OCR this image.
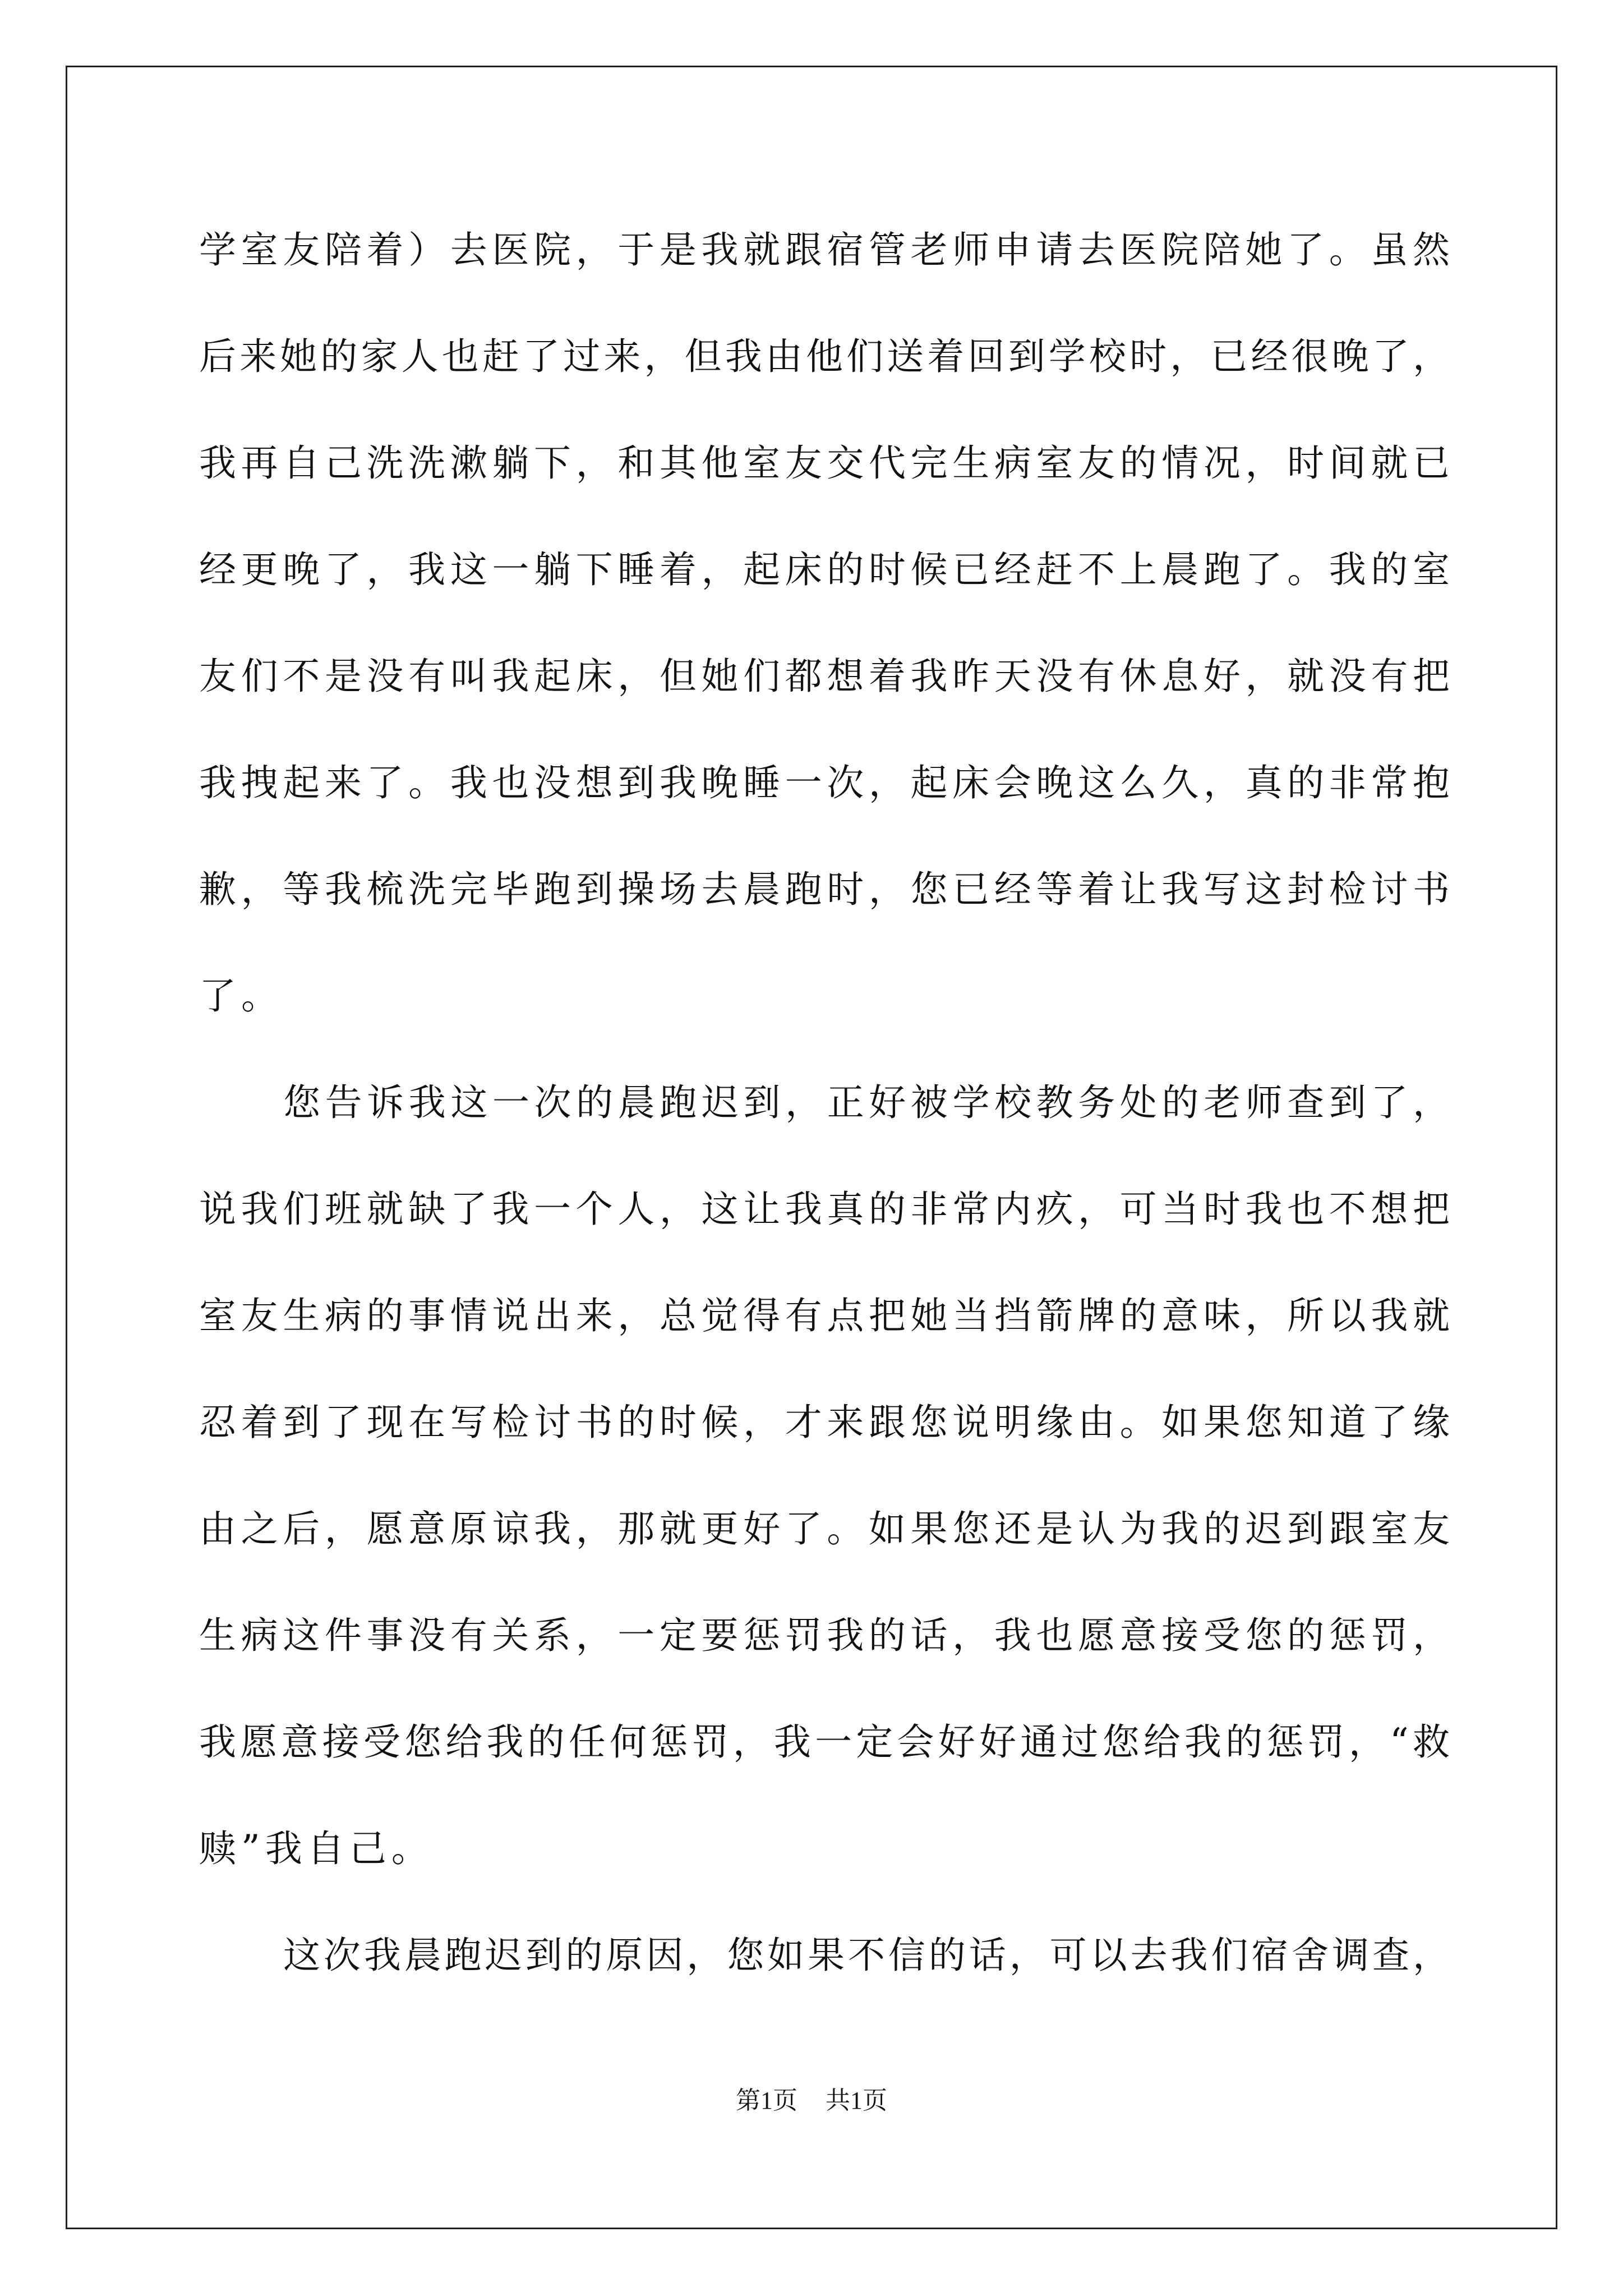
学室友陪着）去医院，于是我就跟宿管老师申请去医院陪她了。虽然
后来她的家人也赶了过来，但我由他们送着回到学校时，已经很晚了，
我再自己洗洗漱躺下，和其他室友交代完生病室友的情况，时间就已
经更晚了，我这一躺下睡着，起床的时候已经赶不上晨跑了。我的室
友们不是没有叫我起床，但她们都想着我昨天没有休息好，就没有把
我拽起来了。我也没想到我晚睡一次，起床会晚这么久，真的非常抱
歉，等我梳洗完毕跑到操场去晨跑时，您已经等着让我写这封检讨书
了。
您告诉我这一次的晨跑迟到，正好被学校教务处的老师查到了，
说我们班就缺了我一个人，这让我真的非常内疚，可当时我也不想把
室友生病的事情说出来，总觉得有点把她当挡箭牌的意味，所以我就
忍着到了现在写检讨书的时候，才来跟您说明缘由。如果您知道了缘
由之后，愿意原谅我，那就更好了。如果您还是认为我的迟到跟室友
生病这件事没有关系，一定要惩罚我的话，我也愿意接受您的惩罚，
我愿意接受您给我的任何惩罚，我一定会好好通过您给我的惩罚，“救
赎”我自己。
这次我晨跑迟到的原因，您如果不信的话，可以去我们宿舍调查，
第1页 共1页
